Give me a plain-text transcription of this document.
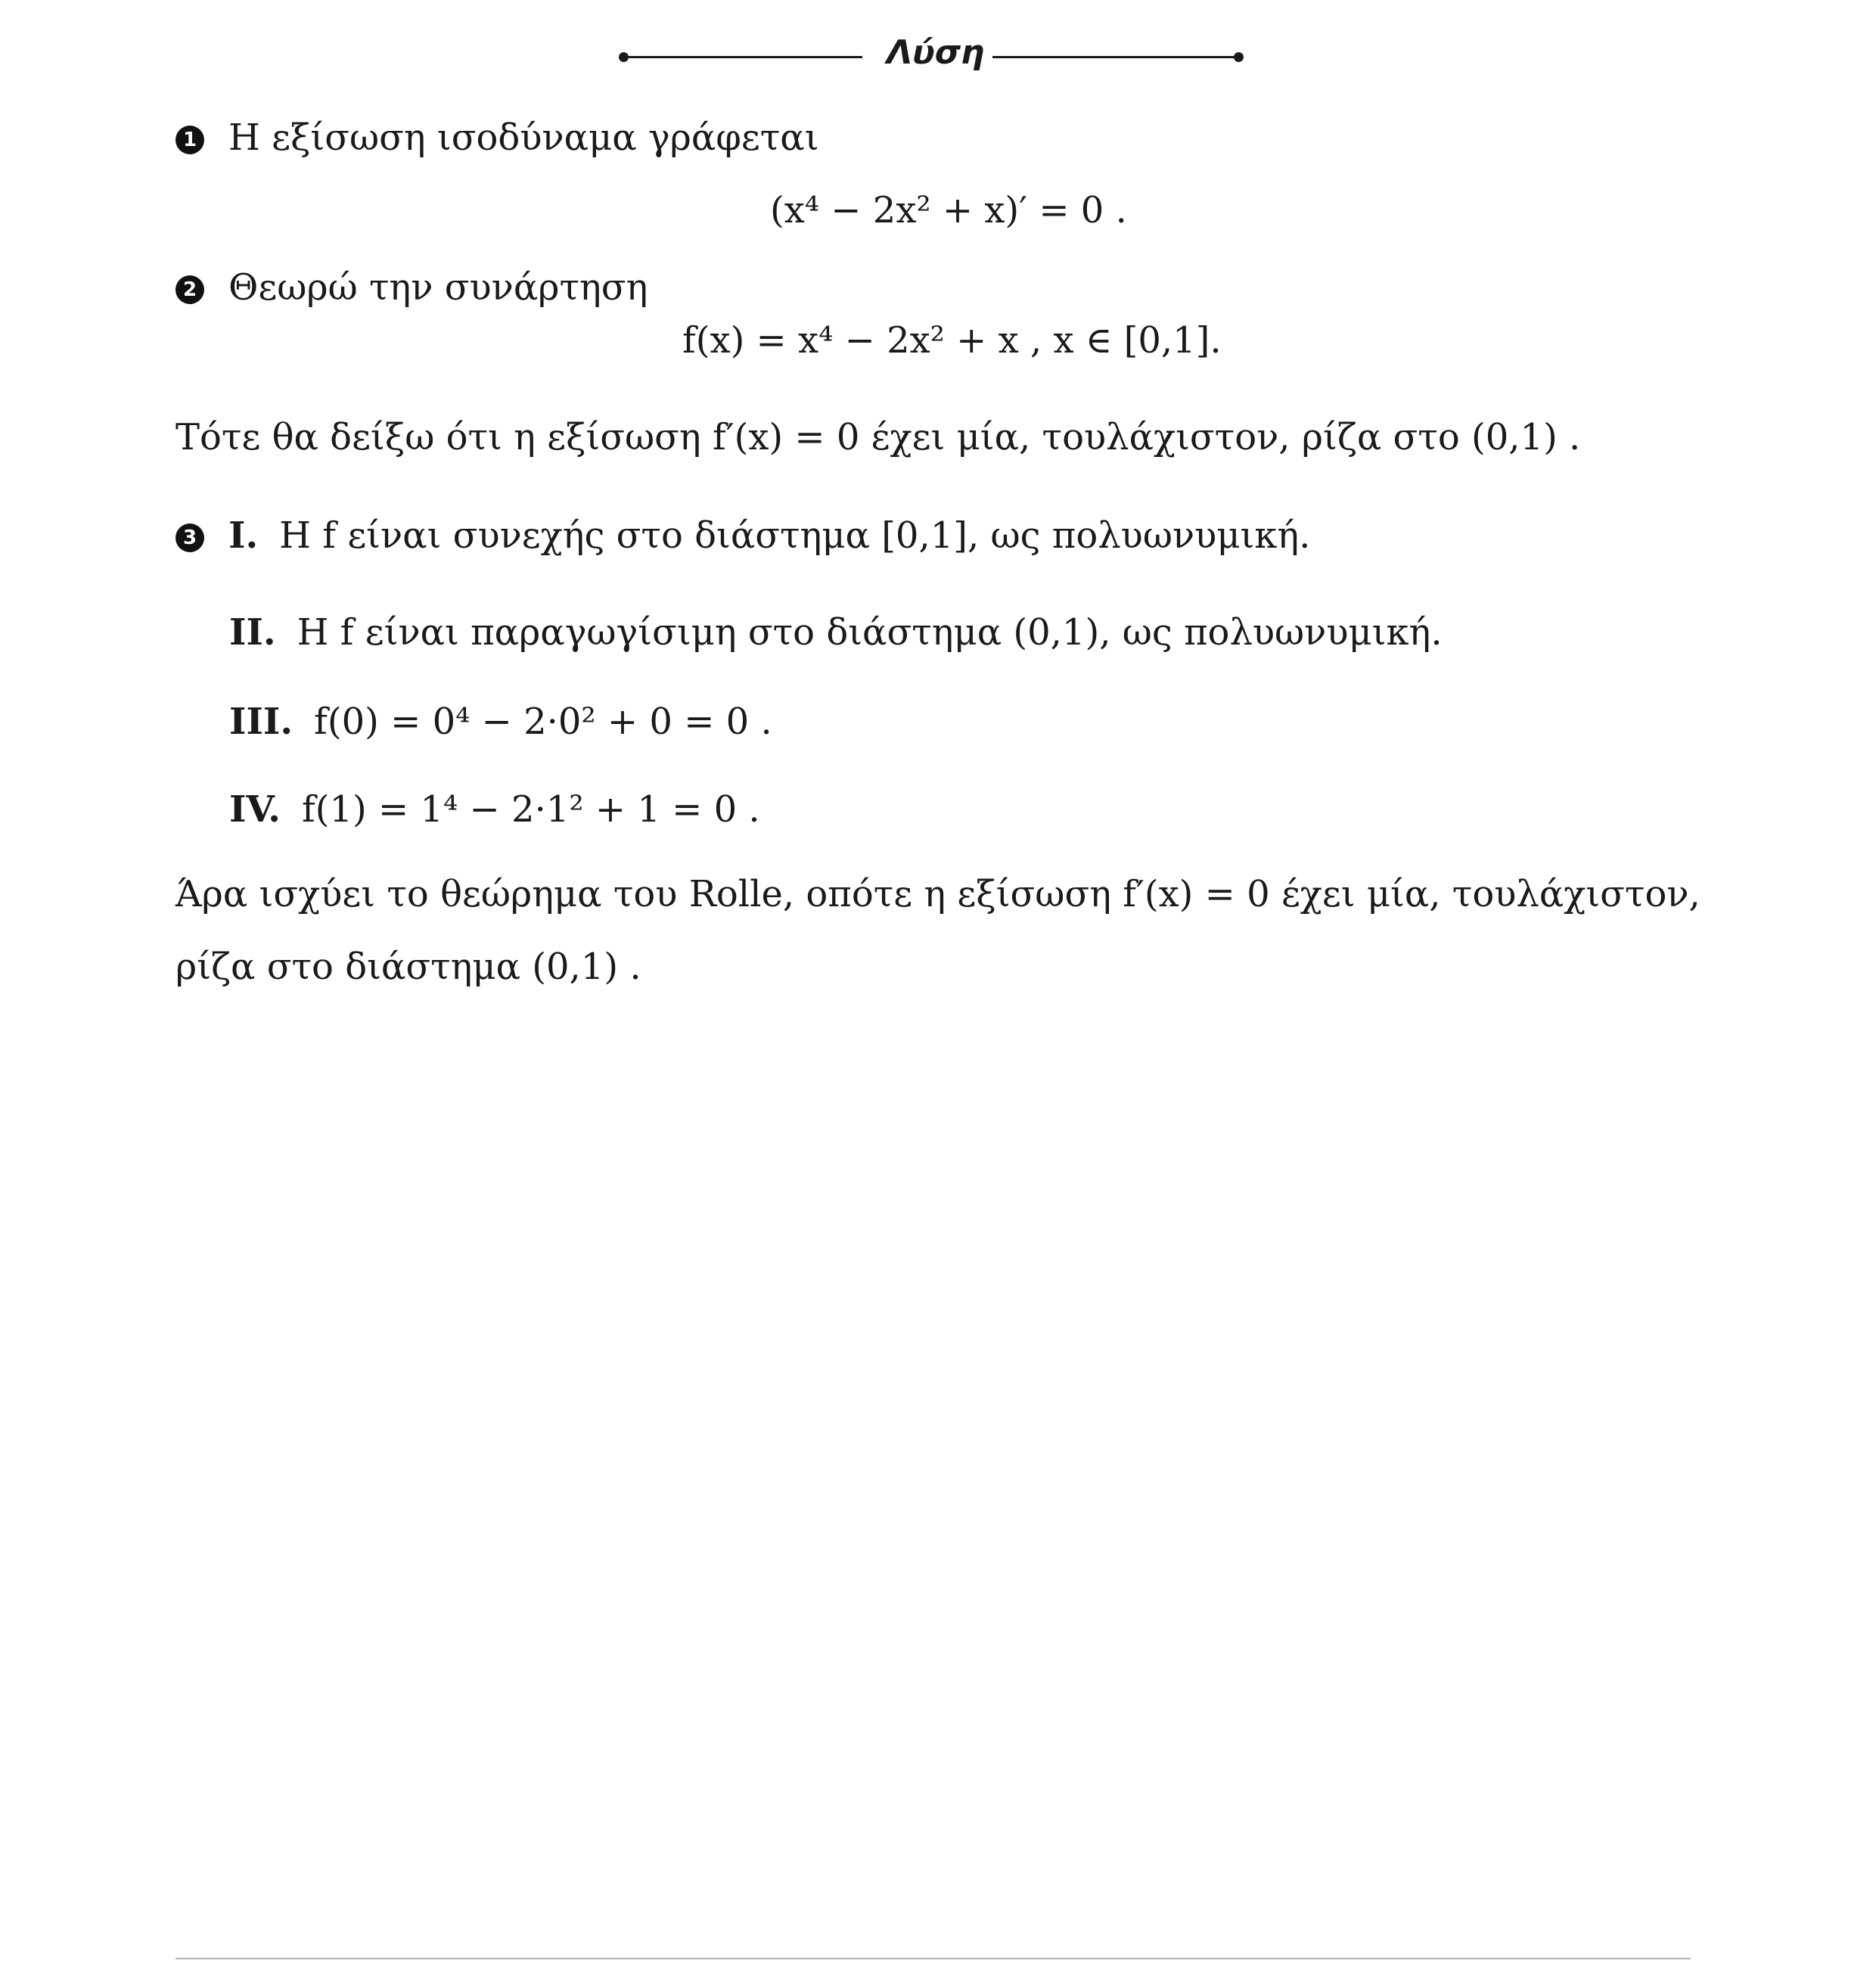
Λύση
1 Η εξίσωση ισοδύναμα γράφεται
(x⁴ − 2x² + x)′ = 0 .
2 Θεωρώ την συνάρτηση
f(x) = x⁴ − 2x² + x , x ∈ [0,1].
Τότε θα δείξω ότι η εξίσωση f′(x) = 0 έχει μία, τουλάχιστον, ρίζα στο (0,1) .
3 I. Η f είναι συνεχής στο διάστημα [0,1], ως πολυωνυμική.
II. Η f είναι παραγωγίσιμη στο διάστημα (0,1), ως πολυωνυμική.
III. f(0) = 0⁴ − 2·0² + 0 = 0 .
IV. f(1) = 1⁴ − 2·1² + 1 = 0 .
Άρα ισχύει το θεώρημα του Rolle, οπότε η εξίσωση f′(x) = 0 έχει μία, τουλάχιστον,
ρίζα στο διάστημα (0,1) .
